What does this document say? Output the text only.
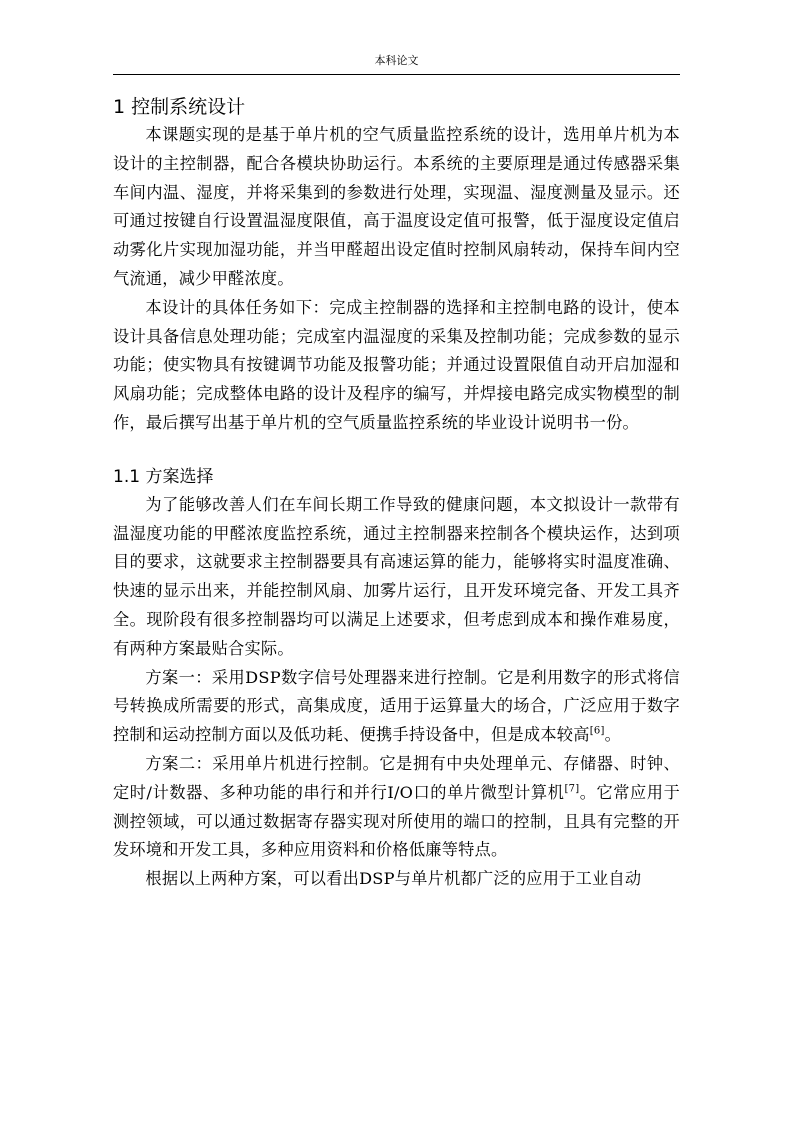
本科论文
1 控制系统设计

本课题实现的是基于单片机的空气质量监控系统的设计，选用单片机为本设计的主控制器，配合各模块协助运行。本系统的主要原理是通过传感器采集车间内温、湿度，并将采集到的参数进行处理，实现温、湿度测量及显示。还可通过按键自行设置温湿度限值，高于温度设定值可报警，低于湿度设定值启动雾化片实现加湿功能，并当甲醛超出设定值时控制风扇转动，保持车间内空气流通，减少甲醛浓度。

本设计的具体任务如下：完成主控制器的选择和主控制电路的设计，使本设计具备信息处理功能；完成室内温湿度的采集及控制功能；完成参数的显示功能；使实物具有按键调节功能及报警功能；并通过设置限值自动开启加湿和风扇功能；完成整体电路的设计及程序的编写，并焊接电路完成实物模型的制作，最后撰写出基于单片机的空气质量监控系统的毕业设计说明书一份。

1.1 方案选择

为了能够改善人们在车间长期工作导致的健康问题，本文拟设计一款带有温湿度功能的甲醛浓度监控系统，通过主控制器来控制各个模块运作，达到项目的要求，这就要求主控制器要具有高速运算的能力，能够将实时温度准确、快速的显示出来，并能控制风扇、加雾片运行，且开发环境完备、开发工具齐全。现阶段有很多控制器均可以满足上述要求，但考虑到成本和操作难易度，有两种方案最贴合实际。

方案一：采用DSP数字信号处理器来进行控制。它是利用数字的形式将信号转换成所需要的形式，高集成度，适用于运算量大的场合，广泛应用于数字控制和运动控制方面以及低功耗、便携手持设备中，但是成本较高[6]。

方案二：采用单片机进行控制。它是拥有中央处理单元、存储器、时钟、定时/计数器、多种功能的串行和并行I/O口的单片微型计算机[7]。它常应用于测控领域，可以通过数据寄存器实现对所使用的端口的控制，且具有完整的开发环境和开发工具，多种应用资料和价格低廉等特点。

根据以上两种方案，可以看出DSP与单片机都广泛的应用于工业自动
